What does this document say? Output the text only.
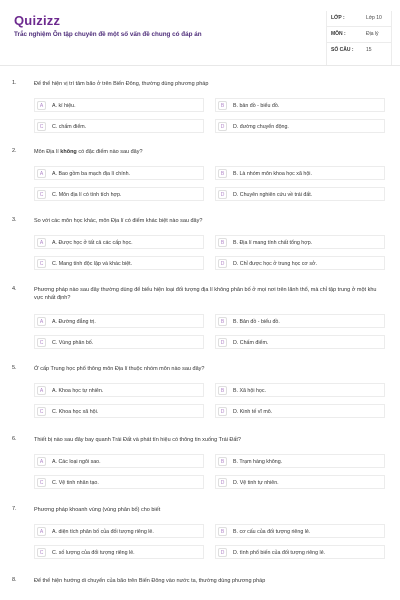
Quizizz
Trắc nghiệm Ôn tập chuyên đề một số vấn đề chung có đáp án
LỚP :	Lớp 10
MÔN :	Địa lý
SỐ CÂU :	15
1.	Để thể hiện vị trí tâm bão ở trên Biển Đông, thường dùng phương pháp
A	A. kí hiệu.	B	B. bản đồ - biểu đồ.
C	C. chấm điểm.	D	D. đường chuyển động.
2.	Môn Địa lí không có đặc điểm nào sau đây?
A	A. Bao gồm ba mạch địa lí chính.	B	B. Là nhóm môn khoa học xã hội.
C	C. Môn địa lí có tính tích hợp.	D	D. Chuyên nghiên cứu về trái đất.
3.	So với các môn học khác, môn Địa lí có điểm khác biệt nào sau đây?
A	A. Được học ở tất cả các cấp học.	B	B. Địa lí mang tính chất tổng hợp.
C	C. Mang tính độc lập và khác biệt.	D	D. Chỉ được học ở trung học cơ sở.
4.	Phương pháp nào sau đây thường dùng để biểu hiện loại đối tượng địa lí không phân bố ở mọi nơi trên lãnh thổ, mà chỉ tập trung ở một khu vực nhất định?
A	A. Đường đẳng trị.	B	B. Bản đồ - biểu đồ.
C	C. Vùng phân bố.	D	D. Chấm điểm.
5.	Ở cấp Trung học phổ thông môn Địa lí thuộc nhóm môn nào sau đây?
A	A. Khoa học tự nhiên.	B	B. Xã hội học.
C	C. Khoa học xã hội.	D	D. Kinh tế vĩ mô.
6.	Thiết bị nào sau đây bay quanh Trái Đất và phát tín hiệu có thông tin xuống Trái Đất?
A	A. Các loại ngôi sao.	B	B. Trạm hàng không.
C	C. Vệ tinh nhân tạo.	D	D. Vệ tinh tự nhiên.
7.	Phương pháp khoanh vùng (vùng phân bố) cho biết
A	A. diện tích phân bố của đối tượng riêng lẻ.	B	B. cơ cấu của đối tượng riêng lẻ.
C	C. số lượng của đối tượng riêng lẻ.	D	D. tình phổ biến của đối tượng riêng lẻ.
8.	Để thể hiện hướng di chuyển của bão trên Biển Đông vào nước ta, thường dùng phương pháp
